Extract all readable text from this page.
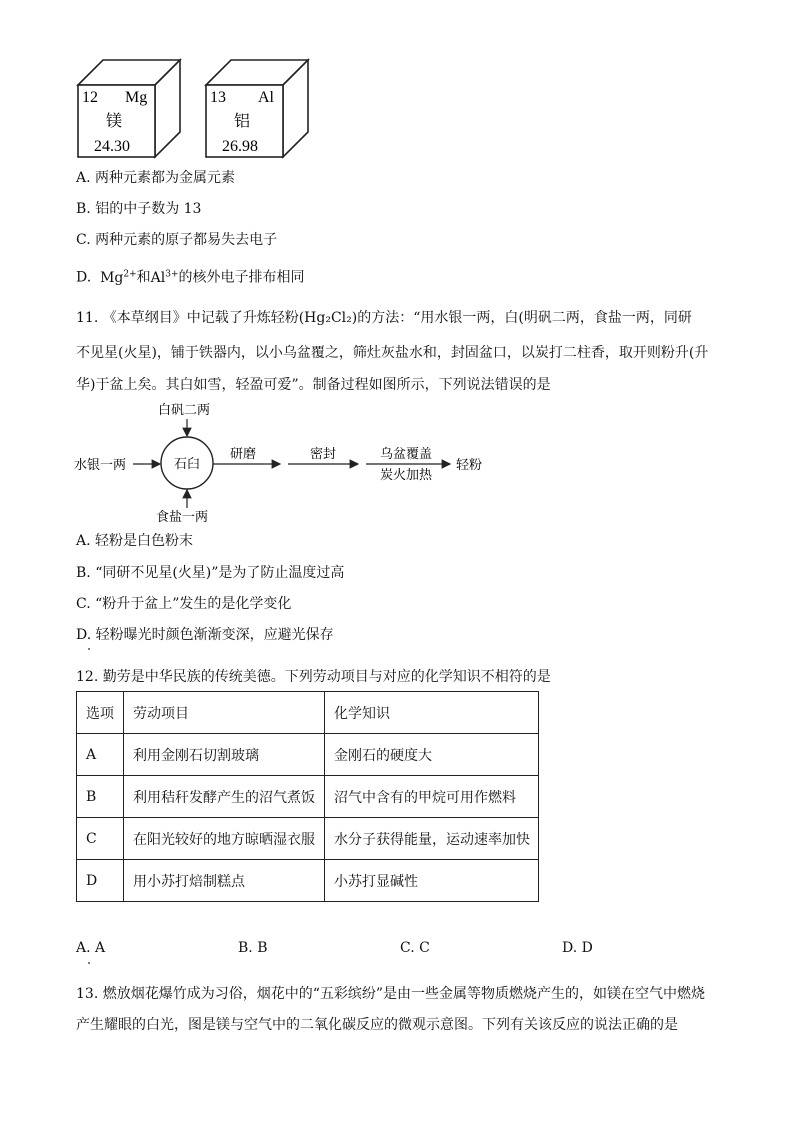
12 Mg
镁
24.30
13 Al
铝
26.98
A. 两种元素都为金属元素
B. 铝的中子数为 13
C. 两种元素的原子都易失去电子
D. $Mg^{2+}$和$Al^{3+}$的核外电子排布相同
11. 《本草纲目》中记载了升炼轻粉(Hg₂Cl₂)的方法：“用水银一两，白(明矾二两，食盐一两，同研
不见星(火星)，铺于铁器内，以小乌盆覆之，筛灶灰盐水和，封固盆口，以炭打二柱香，取开则粉升(升
华)于盆上矣。其白如雪，轻盈可爱”。制备过程如图所示，下列说法错误的是
白矾二两
石臼
水银一两
食盐一两
研磨	密封	乌盆覆盖
炭火加热
轻粉
A. 轻粉是白色粉末
B. “同研不见星(火星)”是为了防止温度过高
C. “粉升于盆上”发生的是化学变化
D. 轻粉曝光时颜色渐渐变深，应避光保存
12. 勤劳是中华民族的传统美德。下列劳动项目与对应的化学知识不相符的是
选项	劳动项目	化学知识
A	利用金刚石切割玻璃	金刚石的硬度大
B	利用秸秆发酵产生的沼气煮饭	沼气中含有的甲烷可用作燃料
C	在阳光较好的地方晾晒湿衣服	水分子获得能量，运动速率加快
D	用小苏打焙制糕点	小苏打显碱性
A. A	B. B	C. C	D. D
13. 燃放烟花爆竹成为习俗，烟花中的“五彩缤纷”是由一些金属等物质燃烧产生的，如镁在空气中燃烧
产生耀眼的白光，图是镁与空气中的二氧化碳反应的微观示意图。下列有关该反应的说法正确的是
